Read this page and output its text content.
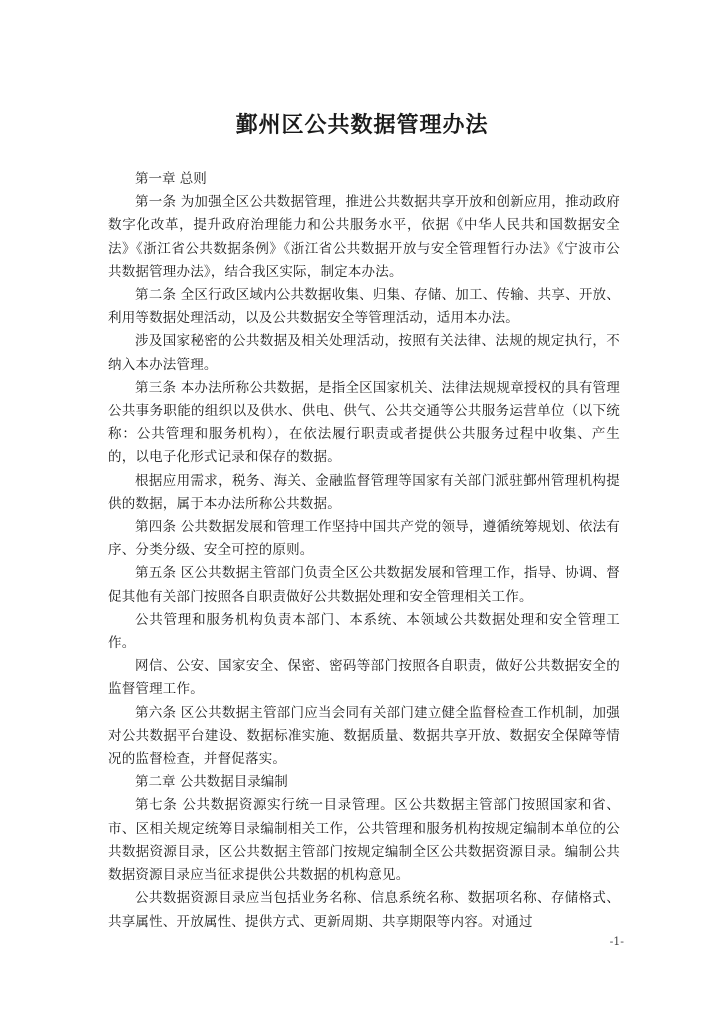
鄞州区公共数据管理办法

第一章 总则

第一条 为加强全区公共数据管理，推进公共数据共享开放和创新应用，推动政府数字化改革，提升政府治理能力和公共服务水平，依据《中华人民共和国数据安全法》《浙江省公共数据条例》《浙江省公共数据开放与安全管理暂行办法》《宁波市公共数据管理办法》，结合我区实际，制定本办法。

第二条 全区行政区域内公共数据收集、归集、存储、加工、传输、共享、开放、利用等数据处理活动，以及公共数据安全等管理活动，适用本办法。

涉及国家秘密的公共数据及相关处理活动，按照有关法律、法规的规定执行，不纳入本办法管理。

第三条 本办法所称公共数据，是指全区国家机关、法律法规规章授权的具有管理公共事务职能的组织以及供水、供电、供气、公共交通等公共服务运营单位（以下统称：公共管理和服务机构），在依法履行职责或者提供公共服务过程中收集、产生的，以电子化形式记录和保存的数据。

根据应用需求，税务、海关、金融监督管理等国家有关部门派驻鄞州管理机构提供的数据，属于本办法所称公共数据。

第四条 公共数据发展和管理工作坚持中国共产党的领导，遵循统筹规划、依法有序、分类分级、安全可控的原则。

第五条 区公共数据主管部门负责全区公共数据发展和管理工作，指导、协调、督促其他有关部门按照各自职责做好公共数据处理和安全管理相关工作。

公共管理和服务机构负责本部门、本系统、本领域公共数据处理和安全管理工作。

网信、公安、国家安全、保密、密码等部门按照各自职责，做好公共数据安全的监督管理工作。

第六条 区公共数据主管部门应当会同有关部门建立健全监督检查工作机制，加强对公共数据平台建设、数据标准实施、数据质量、数据共享开放、数据安全保障等情况的监督检查，并督促落实。

第二章 公共数据目录编制

第七条 公共数据资源实行统一目录管理。区公共数据主管部门按照国家和省、市、区相关规定统筹目录编制相关工作，公共管理和服务机构按规定编制本单位的公共数据资源目录，区公共数据主管部门按规定编制全区公共数据资源目录。编制公共数据资源目录应当征求提供公共数据的机构意见。

公共数据资源目录应当包括业务名称、信息系统名称、数据项名称、存储格式、共享属性、开放属性、提供方式、更新周期、共享期限等内容。对通过

-1-
